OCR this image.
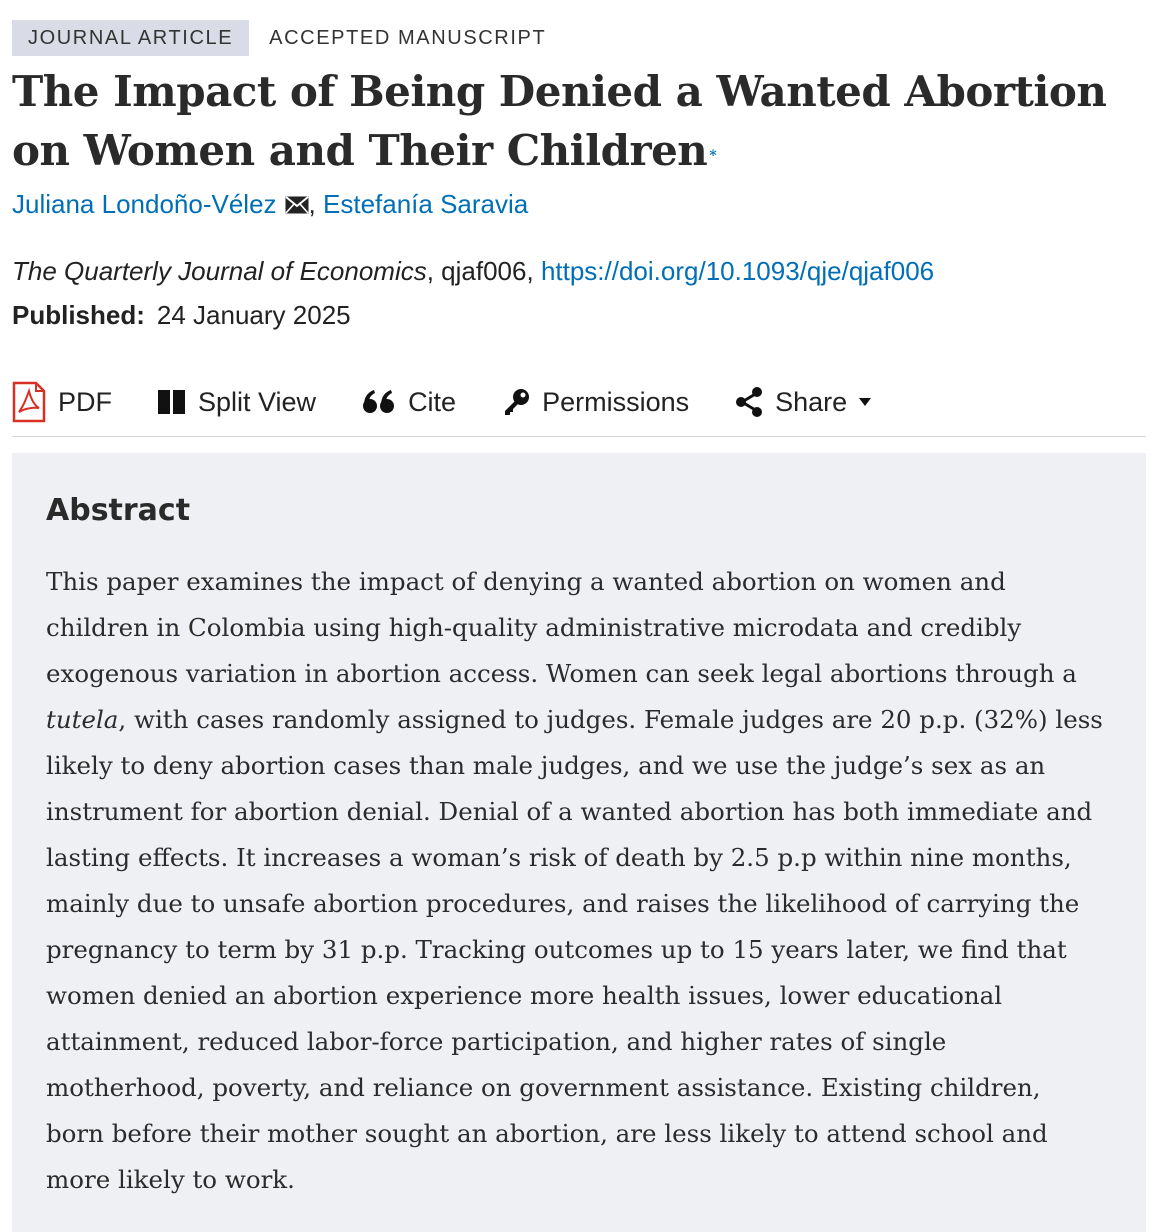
JOURNAL ARTICLE	ACCEPTED MANUSCRIPT
The Impact of Being Denied a Wanted Abortion on Women and Their Children *
Juliana Londoño-Vélez , Estefanía Saravia
The Quarterly Journal of Economics, qjaf006, https://doi.org/10.1093/qje/qjaf006
Published: 24 January 2025
PDF	Split View	Cite	Permissions	Share
Abstract

This paper examines the impact of denying a wanted abortion on women and children in Colombia using high-quality administrative microdata and credibly exogenous variation in abortion access. Women can seek legal abortions through a tutela, with cases randomly assigned to judges. Female judges are 20 p.p. (32%) less likely to deny abortion cases than male judges, and we use the judge’s sex as an instrument for abortion denial. Denial of a wanted abortion has both immediate and lasting effects. It increases a woman’s risk of death by 2.5 p.p within nine months, mainly due to unsafe abortion procedures, and raises the likelihood of carrying the pregnancy to term by 31 p.p. Tracking outcomes up to 15 years later, we find that women denied an abortion experience more health issues, lower educational attainment, reduced labor-force participation, and higher rates of single motherhood, poverty, and reliance on government assistance. Existing children, born before their mother sought an abortion, are less likely to attend school and more likely to work.
